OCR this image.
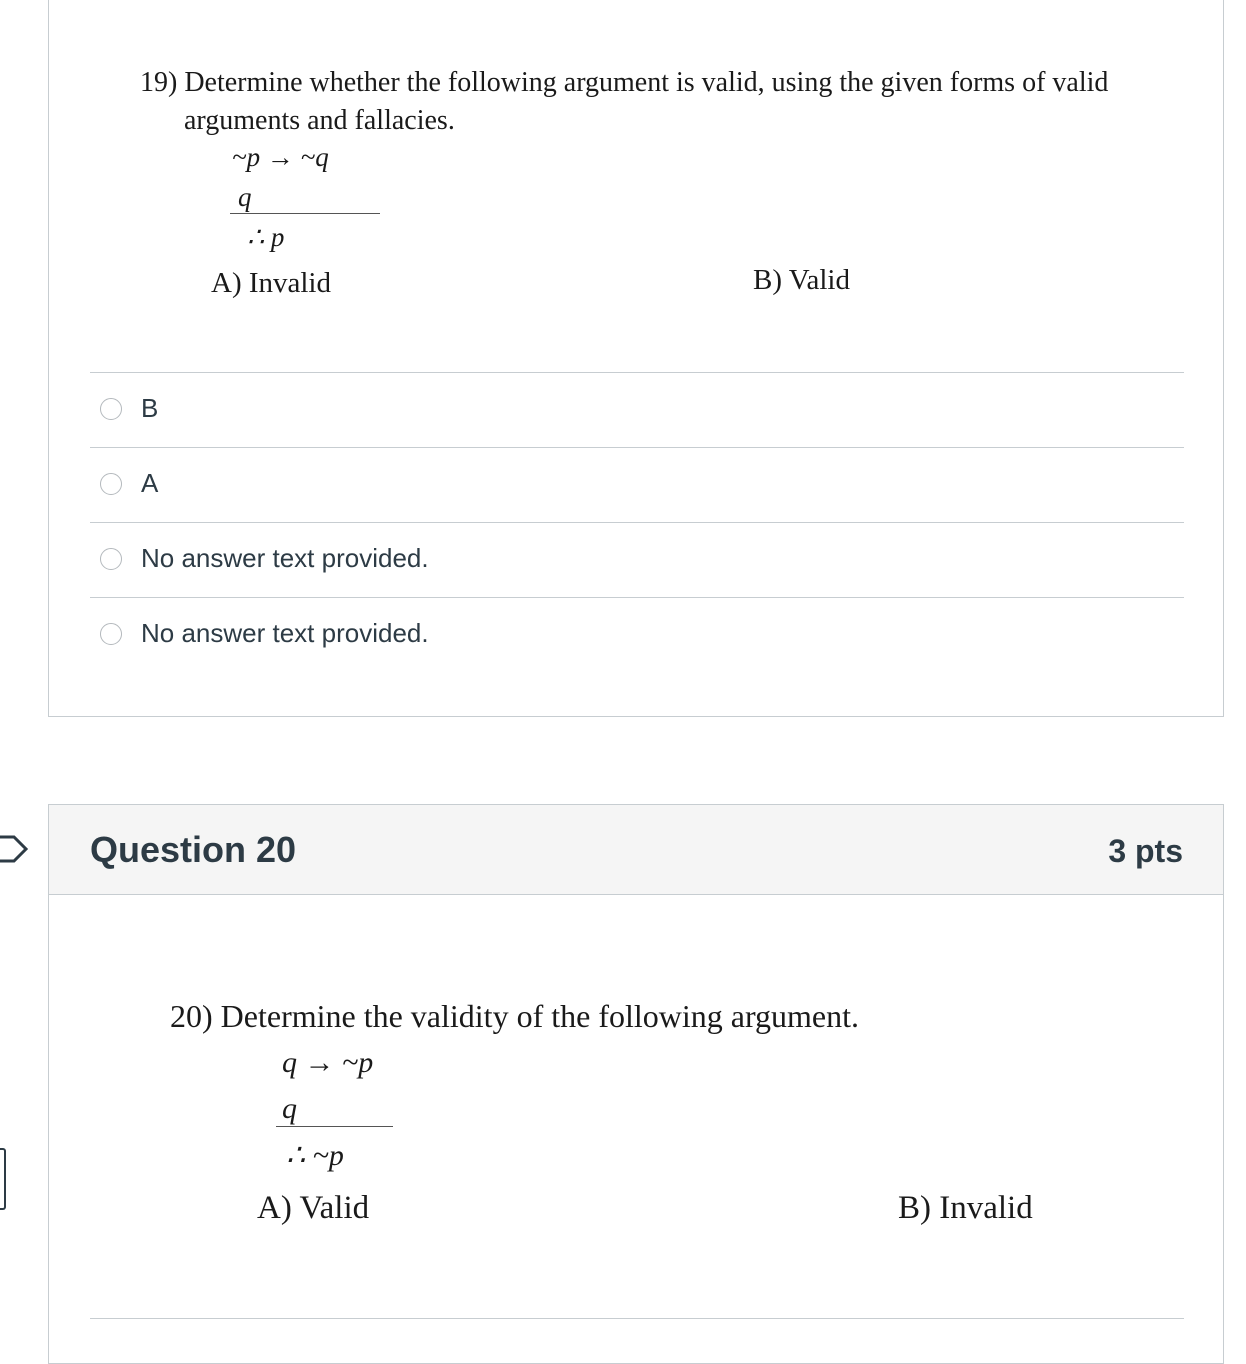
19) Determine whether the following argument is valid, using the given forms of valid
arguments and fallacies.
~p → ~q
q
∴ p
A) Invalid	B) Valid
B
A
No answer text provided.
No answer text provided.
Question 20	3 pts
20) Determine the validity of the following argument.
q → ~p
q
∴ ~p
A) Valid	B) Invalid
